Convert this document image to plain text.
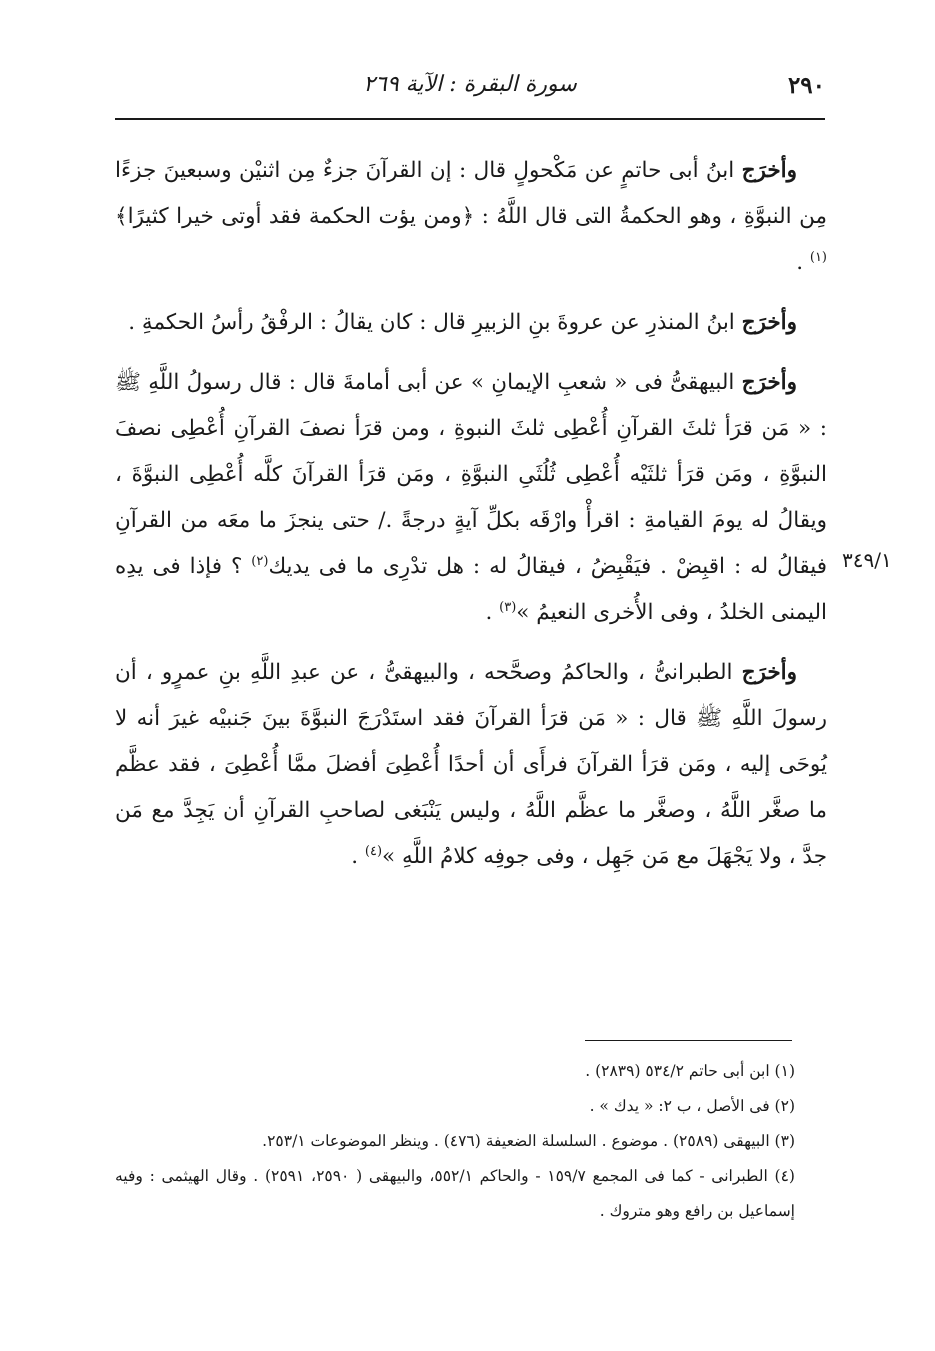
٢٩٠
سورة البقرة : الآية ٢٦٩
٣٤٩/١

وأخرَج ابنُ أبى حاتمٍ عن مَكْحولٍ قال : إن القرآنَ جزءٌ مِن اثنيْن وسبعينَ جزءًا مِن النبوَّةِ ، وهو الحكمةُ التى قال اللَّهُ : ﴿ومن يؤت الحكمة فقد أوتى خيرا كثيرًا﴾$^{(١)}$ .

وأخرَج ابنُ المنذرِ عن عروةَ بنِ الزبيرِ قال : كان يقالُ : الرفْقُ رأسُ الحكمةِ .

وأخرَج البيهقىُّ فى « شعبِ الإيمانِ » عن أبى أمامةَ قال : قال رسولُ اللَّهِ ﷺ : « مَن قرَأ ثلثَ القرآنِ أُعْطِى ثلثَ النبوةِ ، ومن قرَأ نصفَ القرآنِ أُعْطِى نصفَ النبوَّةِ ، ومَن قرَأ ثلثَيْه أُعْطِى ثُلُثَىِ النبوَّةِ ، ومَن قرَأ القرآنَ كلَّه أُعْطِى النبوَّةَ ، ويقالُ له يومَ القيامةِ : اقرأْ وارْقَه بكلِّ آيةٍ درجةً ./ حتى ينجزَ ما معَه من القرآنِ فيقالُ له : اقبِضْ . فيَقْبِضُ ، فيقالُ له : هل تدْرِى ما فى يديك$^{(٢)}$ ؟ فإذا فى يدِه اليمنى الخلدُ ، وفى الأُخرى النعيمُ »$^{(٣)}$ .

وأخرَج الطبرانىُّ ، والحاكمُ وصحَّحه ، والبيهقىُّ ، عن عبدِ اللَّهِ بنِ عمرٍو ، أن رسولَ اللَّهِ ﷺ قال : « مَن قرَأ القرآنَ فقد استَدْرَجَ النبوَّةَ بينَ جَنبيْه غيرَ أنه لا يُوحَى إليه ، ومَن قرَأ القرآنَ فرأَى أن أحدًا أُعْطِىَ أفضلَ ممَّا أُعْطِىَ ، فقد عظَّم ما صغَّر اللَّهُ ، وصغَّر ما عظَّم اللَّهُ ، وليس يَنْبَغى لصاحبِ القرآنِ أن يَجِدَّ مع مَن جدَّ ، ولا يَجْهَلَ مع مَن جَهِل ، وفى جوفِه كلامُ اللَّهِ »$^{(٤)}$ .

(١) ابن أبى حاتم ٥٣٤/٢ (٢٨٣٩) .

(٢) فى الأصل ، ب ٢: « يدك » .

(٣) البيهقى (٢٥٨٩) . موضوع . السلسلة الضعيفة (٤٧٦) . وينظر الموضوعات ٢٥٣/١.

(٤) الطبرانى - كما فى المجمع ١٥٩/٧ - والحاكم ٥٥٢/١، والبيهقى ( ٢٥٩٠، ٢٥٩١) . وقال الهيثمى : وفيه إسماعيل بن رافع وهو متروك .
